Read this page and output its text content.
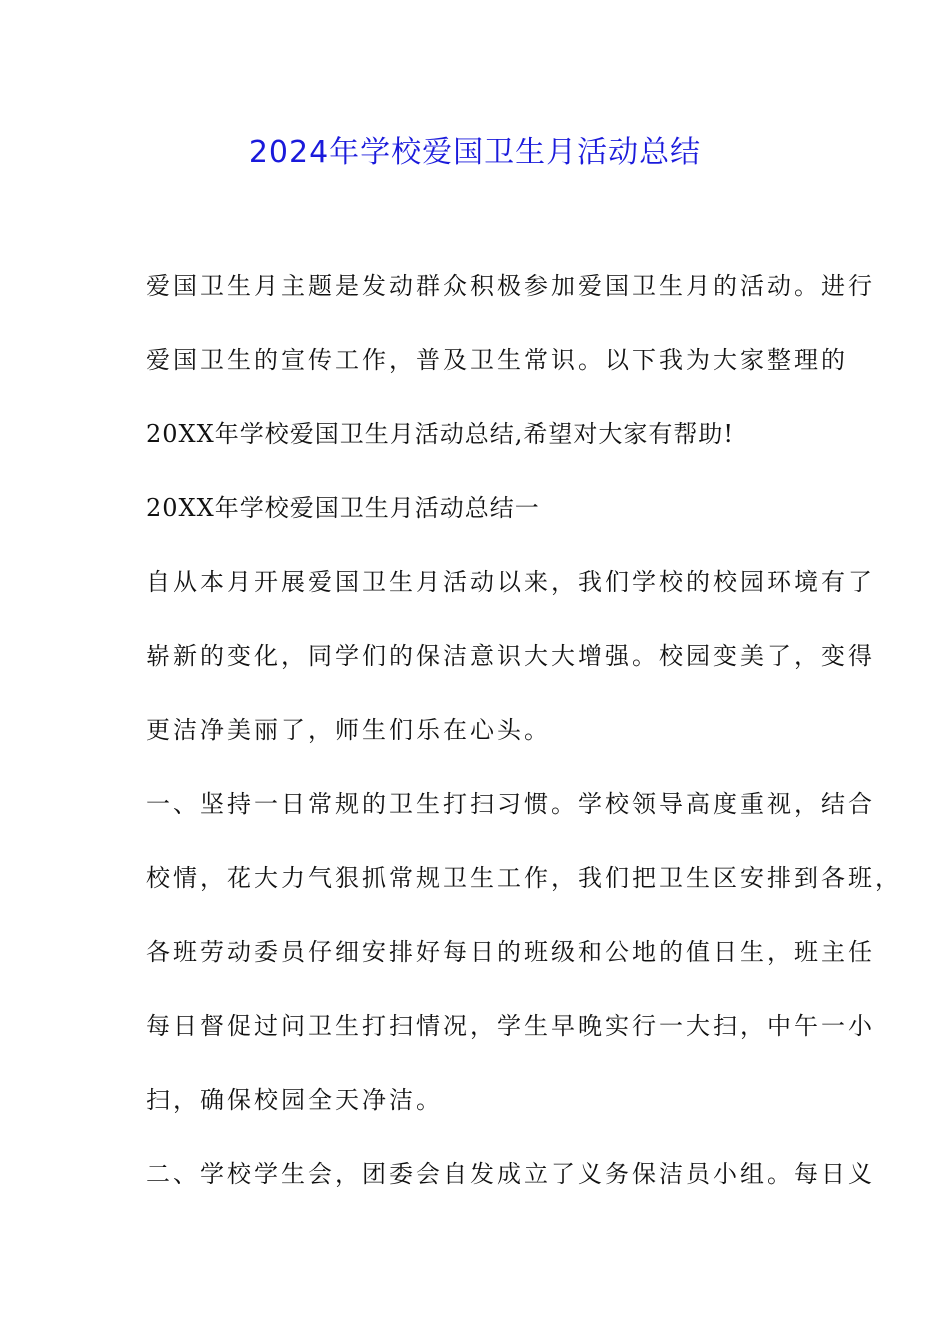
2024年学校爱国卫生月活动总结

爱国卫生月主题是发动群众积极参加爱国卫生月的活动。进行

爱国卫生的宣传工作，普及卫生常识。以下我为大家整理的

20XX年学校爱国卫生月活动总结,希望对大家有帮助!

20XX年学校爱国卫生月活动总结一

自从本月开展爱国卫生月活动以来，我们学校的校园环境有了

崭新的变化，同学们的保洁意识大大增强。校园变美了，变得

更洁净美丽了，师生们乐在心头。

一、坚持一日常规的卫生打扫习惯。学校领导高度重视，结合

校情，花大力气狠抓常规卫生工作，我们把卫生区安排到各班，

各班劳动委员仔细安排好每日的班级和公地的值日生，班主任

每日督促过问卫生打扫情况，学生早晚实行一大扫，中午一小

扫，确保校园全天净洁。

二、学校学生会，团委会自发成立了义务保洁员小组。每日义
